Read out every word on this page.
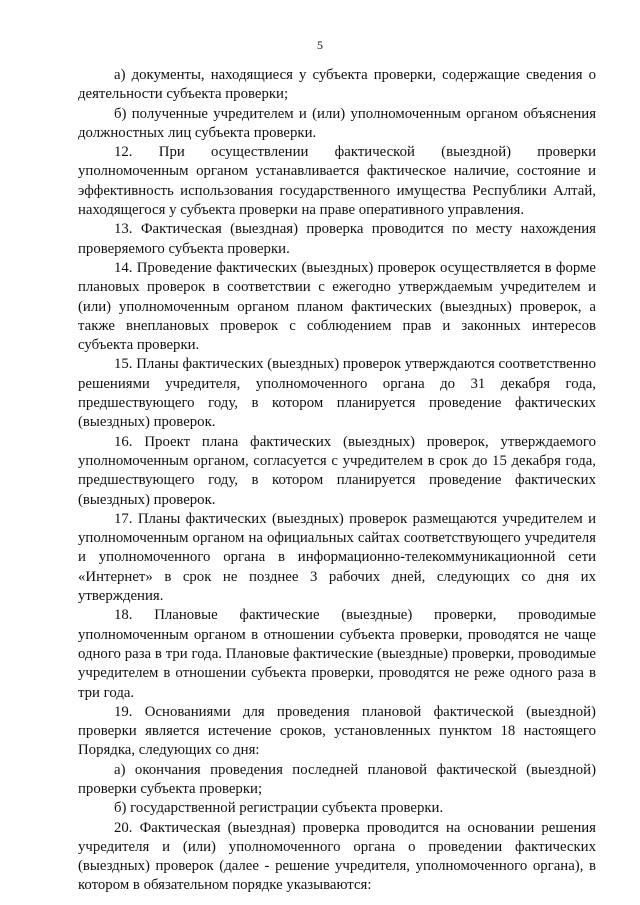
5

а) документы, находящиеся у субъекта проверки, содержащие сведения о деятельности субъекта проверки;

б) полученные учредителем и (или) уполномоченным органом объяснения должностных лиц субъекта проверки.

12. При осуществлении фактической (выездной) проверки уполномоченным органом устанавливается фактическое наличие, состояние и эффективность использования государственного имущества Республики Алтай, находящегося у субъекта проверки на праве оперативного управления.

13. Фактическая (выездная) проверка проводится по месту нахождения проверяемого субъекта проверки.

14. Проведение фактических (выездных) проверок осуществляется в форме плановых проверок в соответствии с ежегодно утверждаемым учредителем и (или) уполномоченным органом планом фактических (выездных) проверок, а также внеплановых проверок с соблюдением прав и законных интересов субъекта проверки.

15. Планы фактических (выездных) проверок утверждаются соответственно решениями учредителя, уполномоченного органа до 31 декабря года, предшествующего году, в котором планируется проведение фактических (выездных) проверок.

16. Проект плана фактических (выездных) проверок, утверждаемого уполномоченным органом, согласуется с учредителем в срок до 15 декабря года, предшествующего году, в котором планируется проведение фактических (выездных) проверок.

17. Планы фактических (выездных) проверок размещаются учредителем и уполномоченным органом на официальных сайтах соответствующего учредителя и уполномоченного органа в информационно-телекоммуникационной сети «Интернет» в срок не позднее 3 рабочих дней, следующих со дня их утверждения.

18. Плановые фактические (выездные) проверки, проводимые уполномоченным органом в отношении субъекта проверки, проводятся не чаще одного раза в три года. Плановые фактические (выездные) проверки, проводимые учредителем в отношении субъекта проверки, проводятся не реже одного раза в три года.

19. Основаниями для проведения плановой фактической (выездной) проверки является истечение сроков, установленных пунктом 18 настоящего Порядка, следующих со дня:

а) окончания проведения последней плановой фактической (выездной) проверки субъекта проверки;

б) государственной регистрации субъекта проверки.

20. Фактическая (выездная) проверка проводится на основании решения учредителя и (или) уполномоченного органа о проведении фактических (выездных) проверок (далее - решение учредителя, уполномоченного органа), в котором в обязательном порядке указываются:
